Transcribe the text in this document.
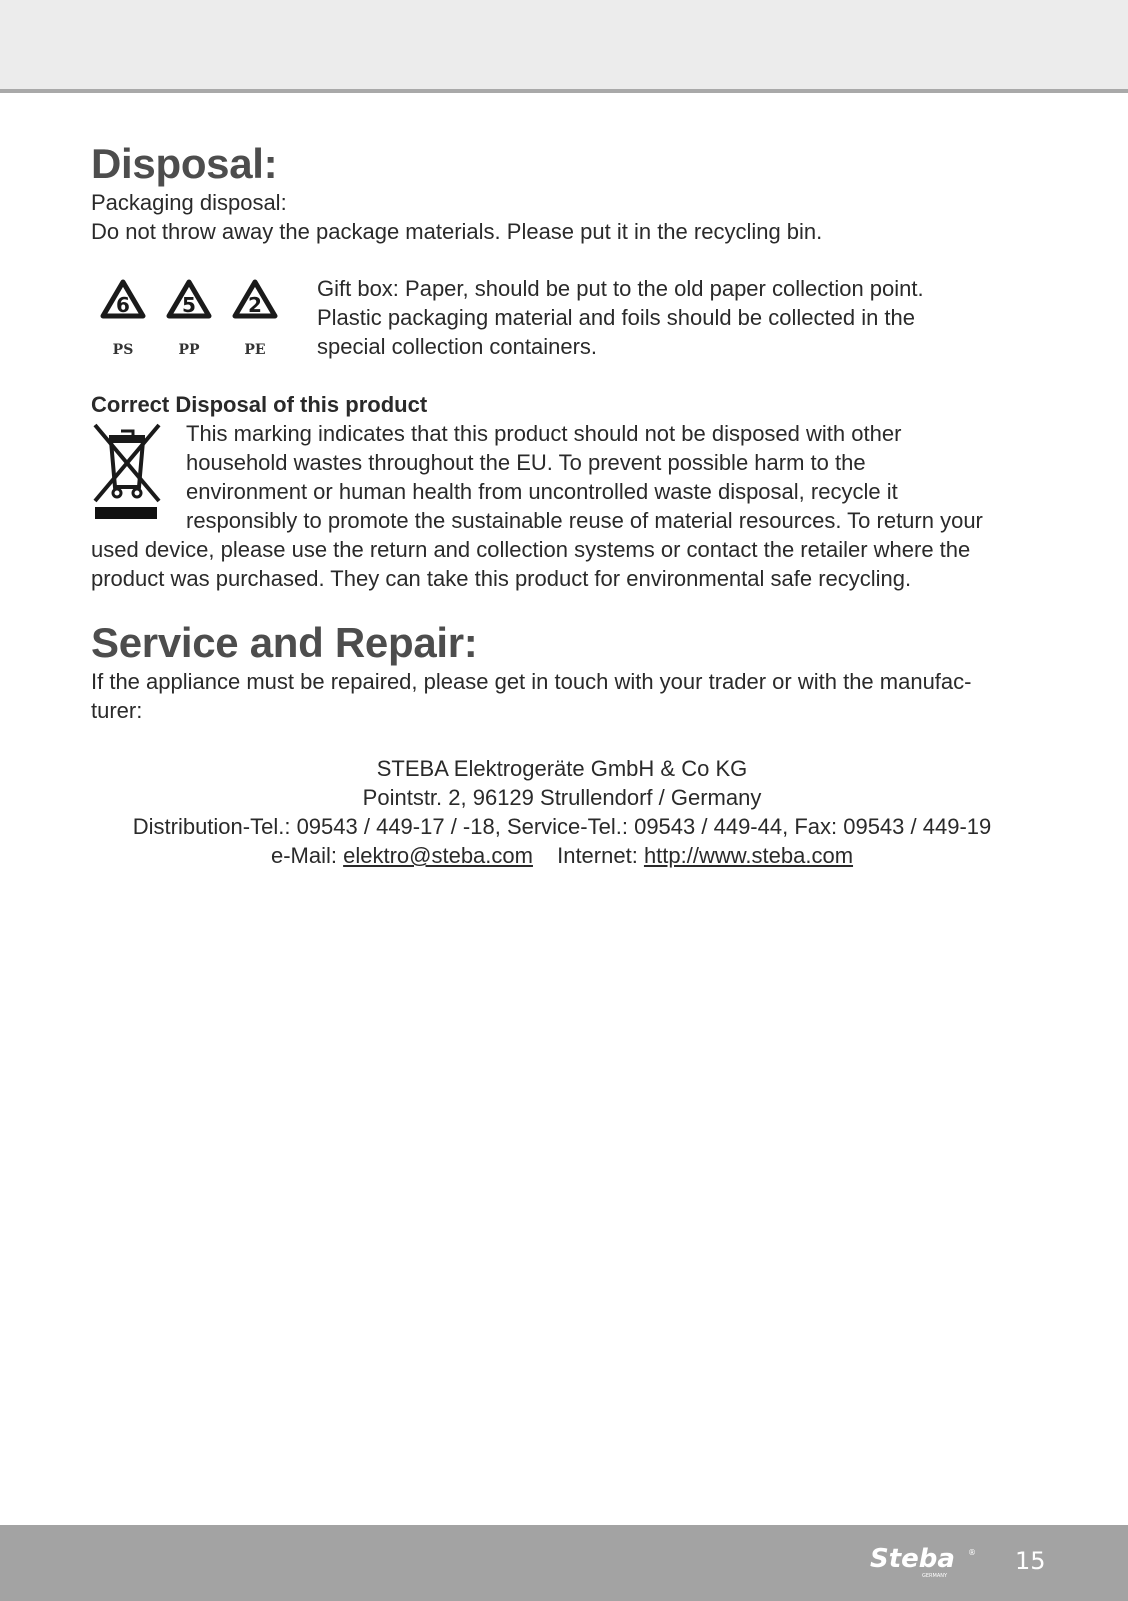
Disposal:

Packaging disposal:

Do not throw away the package materials. Please put it in the recycling bin.

6
PS
5
PP
2
PE

Gift box: Paper, should be put to the old paper collection point.

Plastic packaging material and foils should be collected in the

special collection containers.

Correct Disposal of this product

This marking indicates that this product should not be disposed with other

household wastes throughout the EU. To prevent possible harm to the

environment or human health from uncontrolled waste disposal, recycle it

responsibly to promote the sustainable reuse of material resources. To return your

used device, please use the return and collection systems or contact the retailer where the

product was purchased. They can take this product for environmental safe recycling.

Service and Repair:

If the appliance must be repaired, please get in touch with your trader or with the manufac-

turer:

STEBA Elektrogeräte GmbH & Co KG

Pointstr. 2, 96129 Strullendorf / Germany

Distribution-Tel.: 09543 / 449-17 / -18, Service-Tel.: 09543 / 449-44, Fax: 09543 / 449-19

e-Mail: elektro@steba.com Internet: http://www.steba.com

Steba ®
GERMANY
15
